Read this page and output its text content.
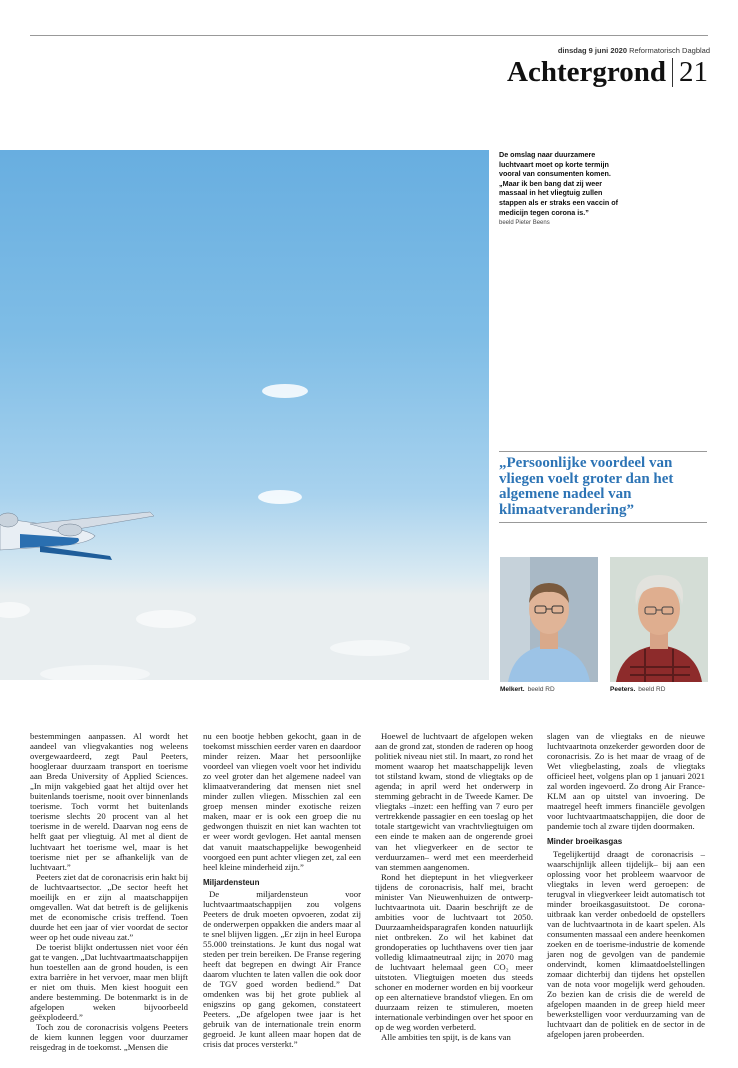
dinsdag 9 juni 2020 Reformatorisch Dagblad
Achtergrond 21
De omslag naar duurzamere luchtvaart moet op korte termijn vooral van consumenten komen. „Maar ik ben bang dat zij weer massaal in het vliegtuig zullen stappen als er straks een vaccin of medicijn tegen corona is.”
beeld Pieter Beens
„Persoonlijke voordeel van vliegen voelt groter dan het algemene nadeel van klimaatverandering”
Melkert. beeld RD	Peeters. beeld RD

bestemmingen aanpassen. Al wordt het aandeel van vliegvakanties nog weleens overgewaardeerd, zegt Paul Peeters, hoogleraar duurzaam transport en toerisme aan Breda University of Applied Sciences. „In mijn vakgebied gaat het altijd over het buitenlands toerisme, nooit over binnenlands toerisme. Toch vormt het buitenlands toerisme slechts 20 procent van al het toerisme in de wereld. Daarvan nog eens de helft gaat per vliegtuig. Al met al dient de luchtvaart het toerisme wel, maar is het toerisme niet per se afhankelijk van de luchtvaart.”

Peeters ziet dat de coronacrisis erin hakt bij de luchtvaartsector. „De sector heeft het moeilijk en er zijn al maatschappijen omgevallen. Wat dat betreft is de gelijkenis met de economische crisis treffend. Toen duurde het een jaar of vier voordat de sector weer op het oude niveau zat.”

De toerist blijkt ondertussen niet voor één gat te vangen. „Dat luchtvaartmaatschappijen hun toestellen aan de grond houden, is een extra barrière in het vervoer, maar men blijft er niet om thuis. Men kiest hooguit een andere bestemming. De botenmarkt is in de afgelopen weken bijvoorbeeld geëxplodeerd.”

Toch zou de coronacrisis volgens Peeters de kiem kunnen leggen voor duurzamer reisgedrag in de toekomst. „Mensen die

nu een bootje hebben gekocht, gaan in de toekomst misschien eerder varen en daardoor minder reizen. Maar het persoonlijke voordeel van vliegen voelt voor het individu zo veel groter dan het algemene nadeel van klimaatverandering dat mensen niet snel minder zullen vliegen. Misschien zal een groep mensen minder exotische reizen maken, maar er is ook een groep die nu gedwongen thuiszit en niet kan wachten tot er weer wordt gevlogen. Het aantal mensen dat vanuit maatschappelijke bewogenheid voorgoed een punt achter vliegen zet, zal een heel kleine minderheid zijn.”

Miljardensteun

De miljardensteun voor luchtvaartmaatschappijen zou volgens Peeters de druk moeten opvoeren, zodat zij de onderwerpen oppakken die anders maar al te snel blijven liggen. „Er zijn in heel Europa 55.000 treinstations. Je kunt dus nogal wat steden per trein bereiken. De Franse regering heeft dat begrepen en dwingt Air France daarom vluchten te laten vallen die ook door de TGV goed worden bediend.” Dat omdenken was bij het grote publiek al enigszins op gang gekomen, constateert Peeters. „De afgelopen twee jaar is het gebruik van de internationale trein enorm gegroeid. Je kunt alleen maar hopen dat de crisis dat proces versterkt.”

Hoewel de luchtvaart de afgelopen weken aan de grond zat, stonden de raderen op hoog politiek niveau niet stil. In maart, zo rond het moment waarop het maatschappelijk leven tot stilstand kwam, stond de vliegtaks op de agenda; in april werd het onderwerp in stemming gebracht in de Tweede Kamer. De vliegtaks –inzet: een heffing van 7 euro per vertrekkende passagier en een toeslag op het totale startgewicht van vrachtvliegtuigen om een einde te maken aan de ongerende groei van het vliegverkeer en de sector te verduurzamen– werd met een meerderheid van stemmen aangenomen.

Rond het dieptepunt in het vliegverkeer tijdens de coronacrisis, half mei, bracht minister Van Nieuwenhuizen de ontwerp-luchtvaartnota uit. Daarin beschrijft ze de ambities voor de luchtvaart tot 2050. Duurzaamheidsparagrafen konden natuurlijk niet ontbreken. Zo wil het kabinet dat grondoperaties op luchthavens over tien jaar volledig klimaatneutraal zijn; in 2070 mag de luchtvaart helemaal geen CO₂ meer uitstoten. Vliegtuigen moeten dus steeds schoner en moderner worden en bij voorkeur op een alternatieve brandstof vliegen. En om duurzaam reizen te stimuleren, moeten internationale verbindingen over het spoor en op de weg worden verbeterd.

Alle ambities ten spijt, is de kans van

slagen van de vliegtaks en de nieuwe luchtvaartnota onzekerder geworden door de coronacrisis. Zo is het maar de vraag of de Wet vliegbelasting, zoals de vliegtaks officieel heet, volgens plan op 1 januari 2021 zal worden ingevoerd. Zo drong Air France-KLM aan op uitstel van invoering. De maatregel heeft immers financiële gevolgen voor luchtvaartmaatschappijen, die door de pandemie toch al zware tijden doormaken.

Minder broeikasgas

Tegelijkertijd draagt de coronacrisis –waarschijnlijk alleen tijdelijk– bij aan een oplossing voor het probleem waarvoor de vliegtaks in leven werd geroepen: de terugval in vliegverkeer leidt automatisch tot minder broeikasgasuitstoot. De corona-uitbraak kan verder onbedoeld de opstellers van de luchtvaartnota in de kaart spelen. Als consumenten massaal een andere heenkomen zoeken en de toerisme-industrie de komende jaren nog de gevolgen van de pandemie ondervindt, komen klimaatdoelstellingen zomaar dichterbij dan tijdens het opstellen van de nota voor mogelijk werd gehouden. Zo bezien kan de crisis die de wereld de afgelopen maanden in de greep hield meer bewerkstelligen voor verduurzaming van de luchtvaart dan de politiek en de sector in de afgelopen jaren probeerden.
